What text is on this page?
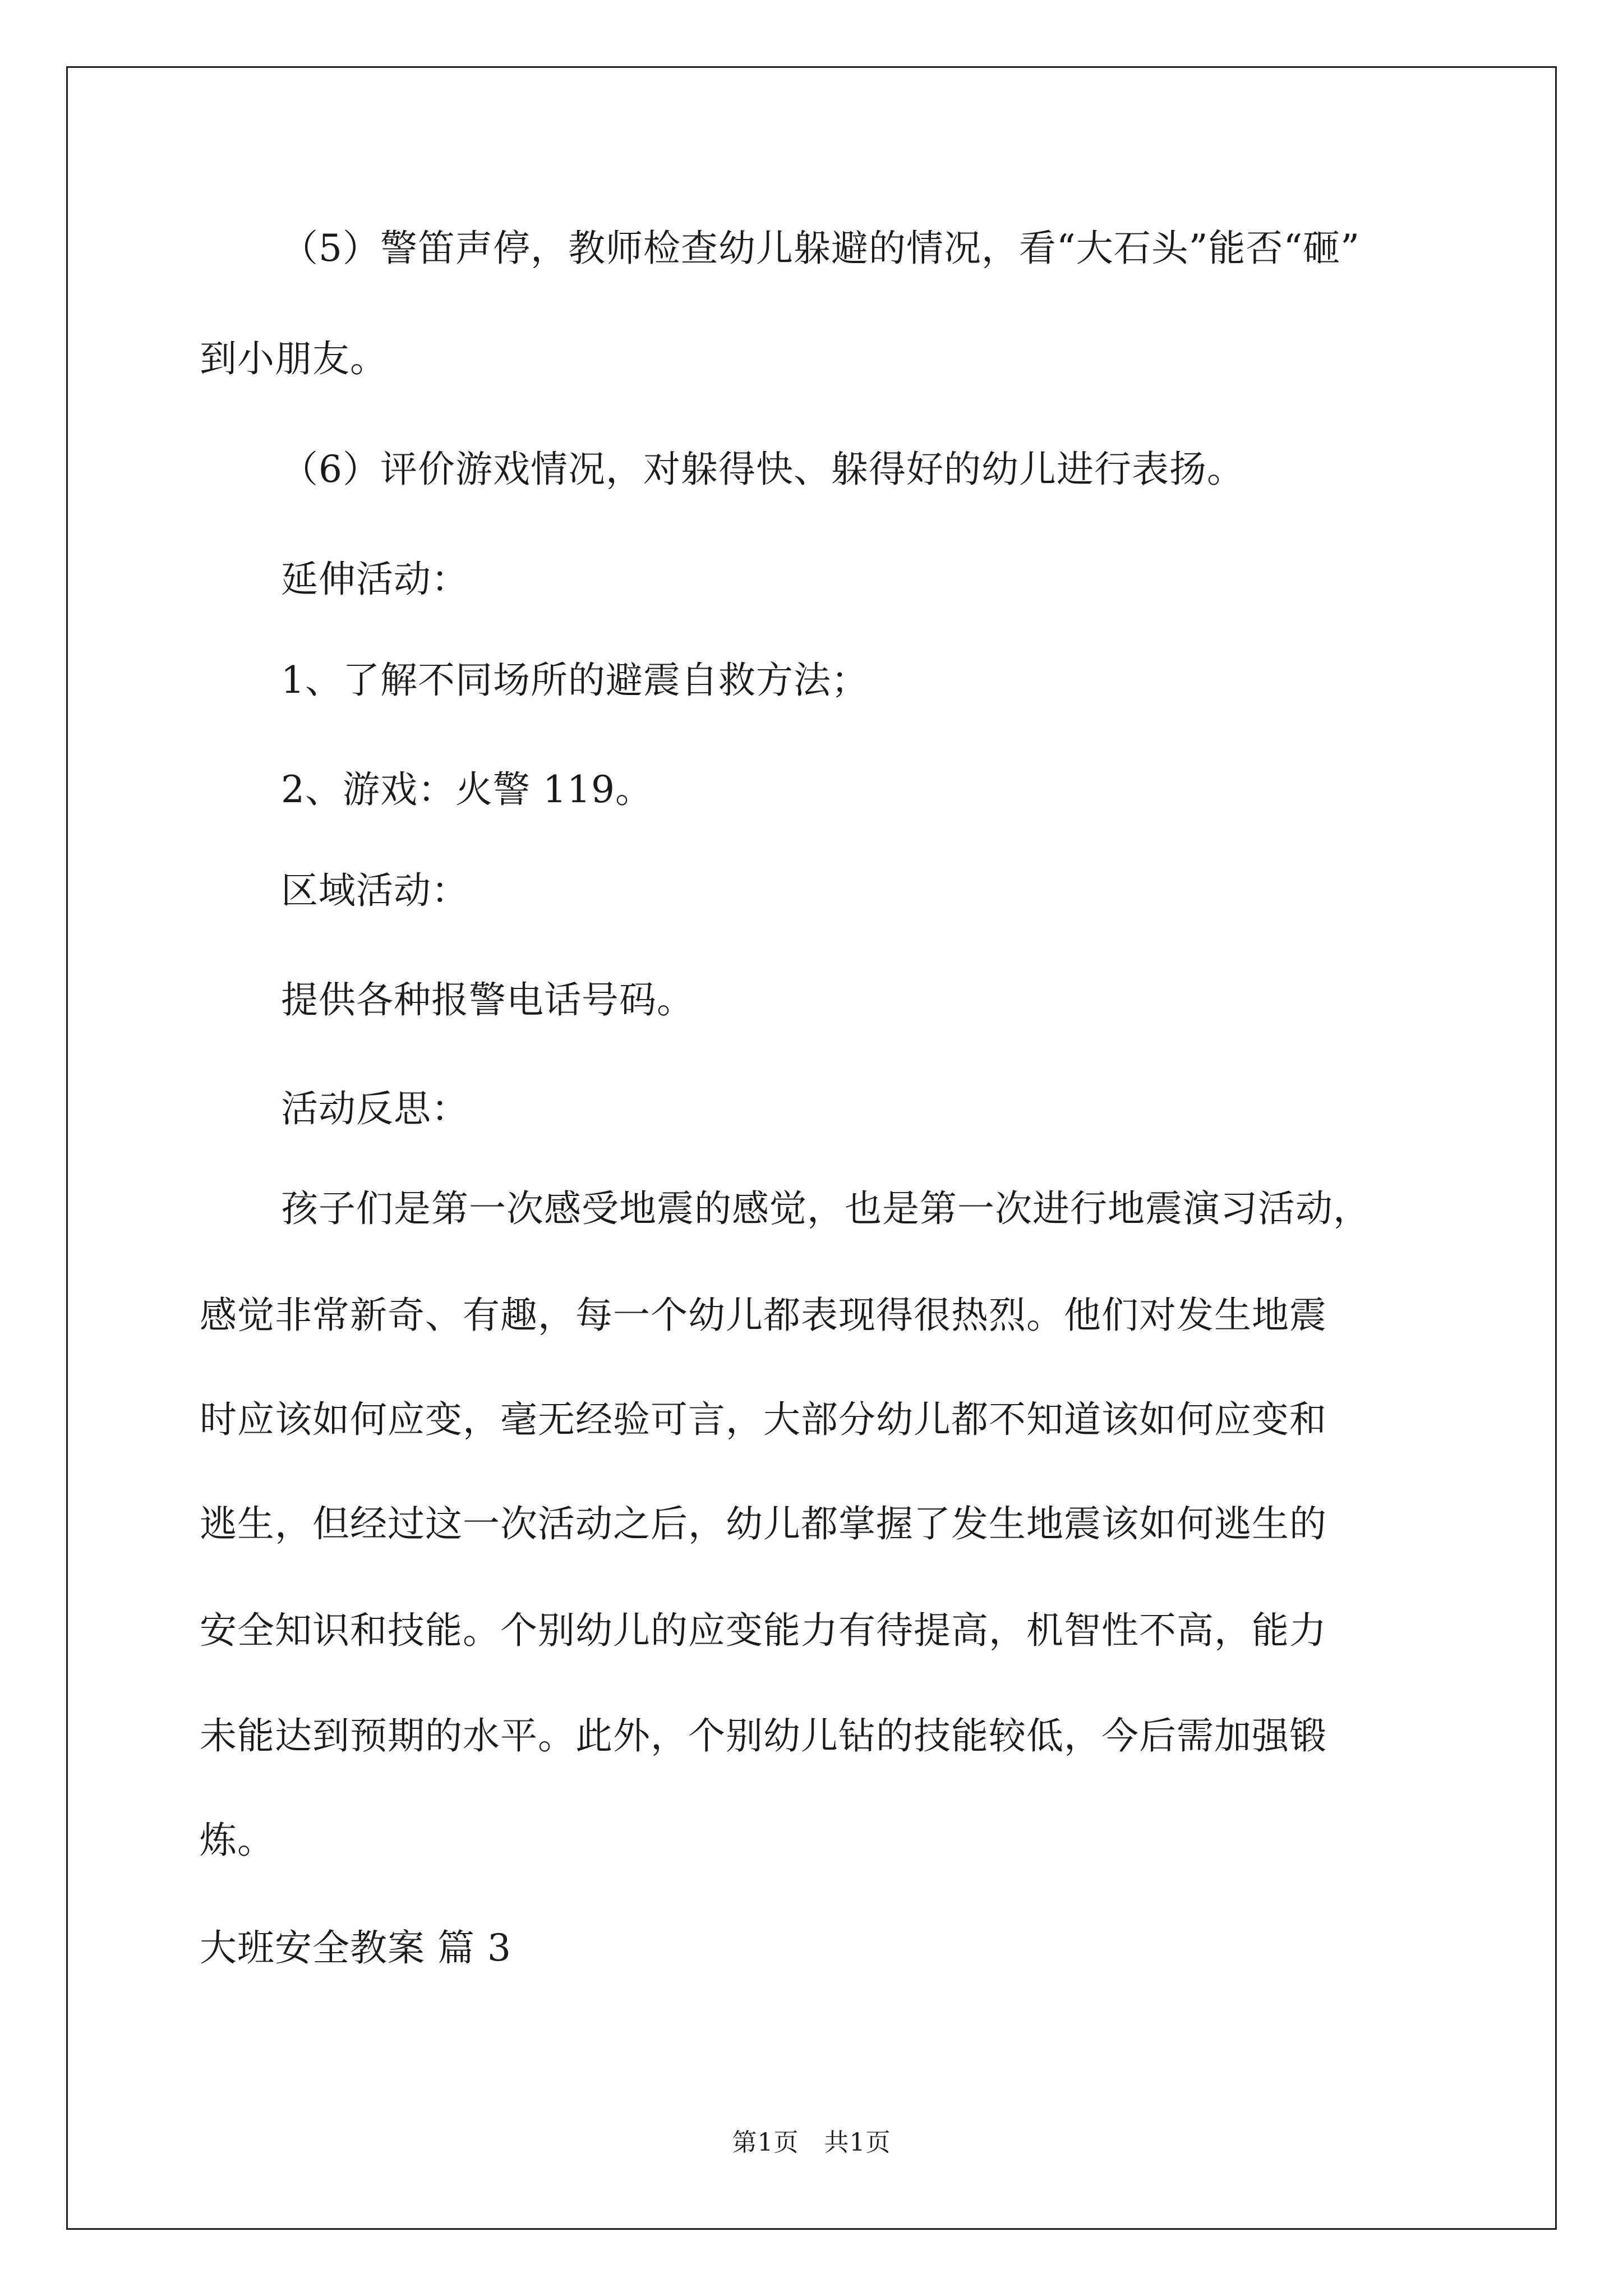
（5）警笛声停，教师检查幼儿躲避的情况，看“大石头”能否“砸”
到小朋友。
（6）评价游戏情况，对躲得快、躲得好的幼儿进行表扬。
延伸活动：
1、了解不同场所的避震自救方法；
2、游戏：火警 119。
区域活动：
提供各种报警电话号码。
活动反思：
孩子们是第一次感受地震的感觉，也是第一次进行地震演习活动，
感觉非常新奇、有趣，每一个幼儿都表现得很热烈。他们对发生地震
时应该如何应变，毫无经验可言，大部分幼儿都不知道该如何应变和
逃生，但经过这一次活动之后，幼儿都掌握了发生地震该如何逃生的
安全知识和技能。个别幼儿的应变能力有待提高，机智性不高，能力
未能达到预期的水平。此外，个别幼儿钻的技能较低，今后需加强锻
炼。
大班安全教案 篇 3
第1页　共1页
